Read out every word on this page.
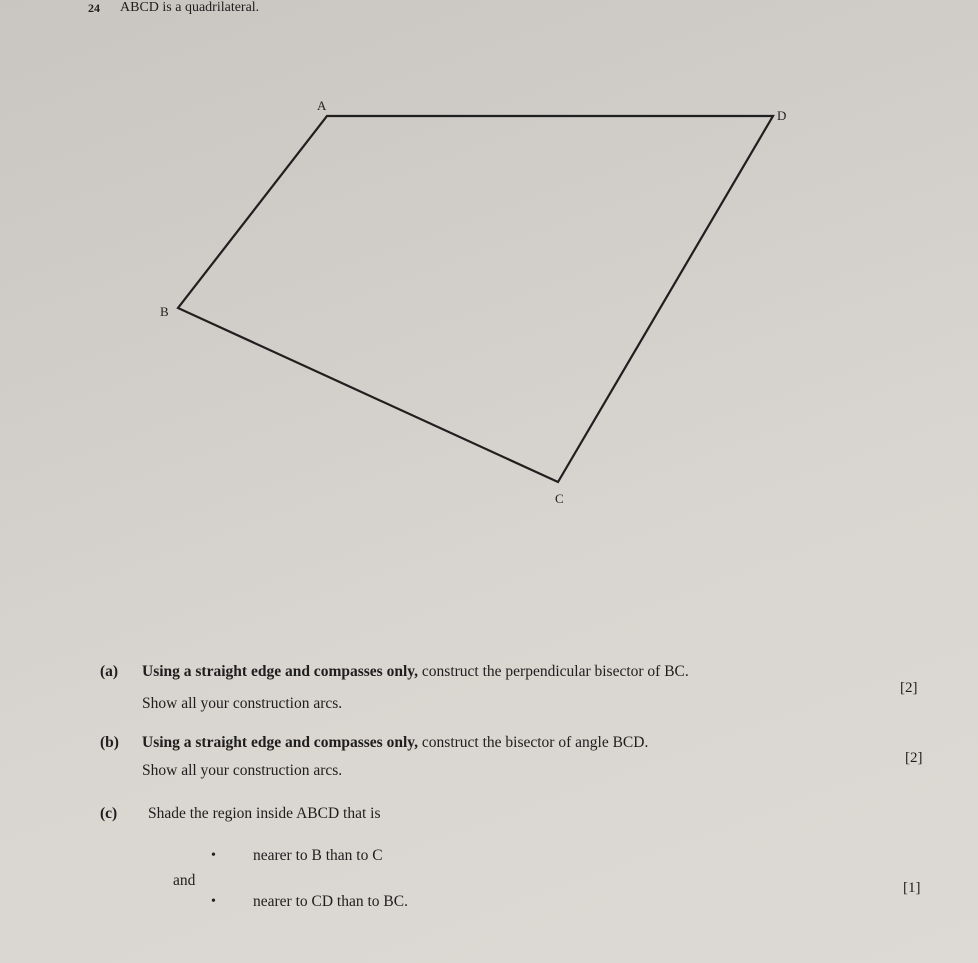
24 ABCD is a quadrilateral.
A
D
B
C
(a) Using a straight edge and compasses only, construct the perpendicular bisector of BC.
Show all your construction arcs.
[2]
(b) Using a straight edge and compasses only, construct the bisector of angle BCD.
Show all your construction arcs.
[2]
(c) Shade the region inside ABCD that is
• nearer to B than to C
and
• nearer to CD than to BC.
[1]
